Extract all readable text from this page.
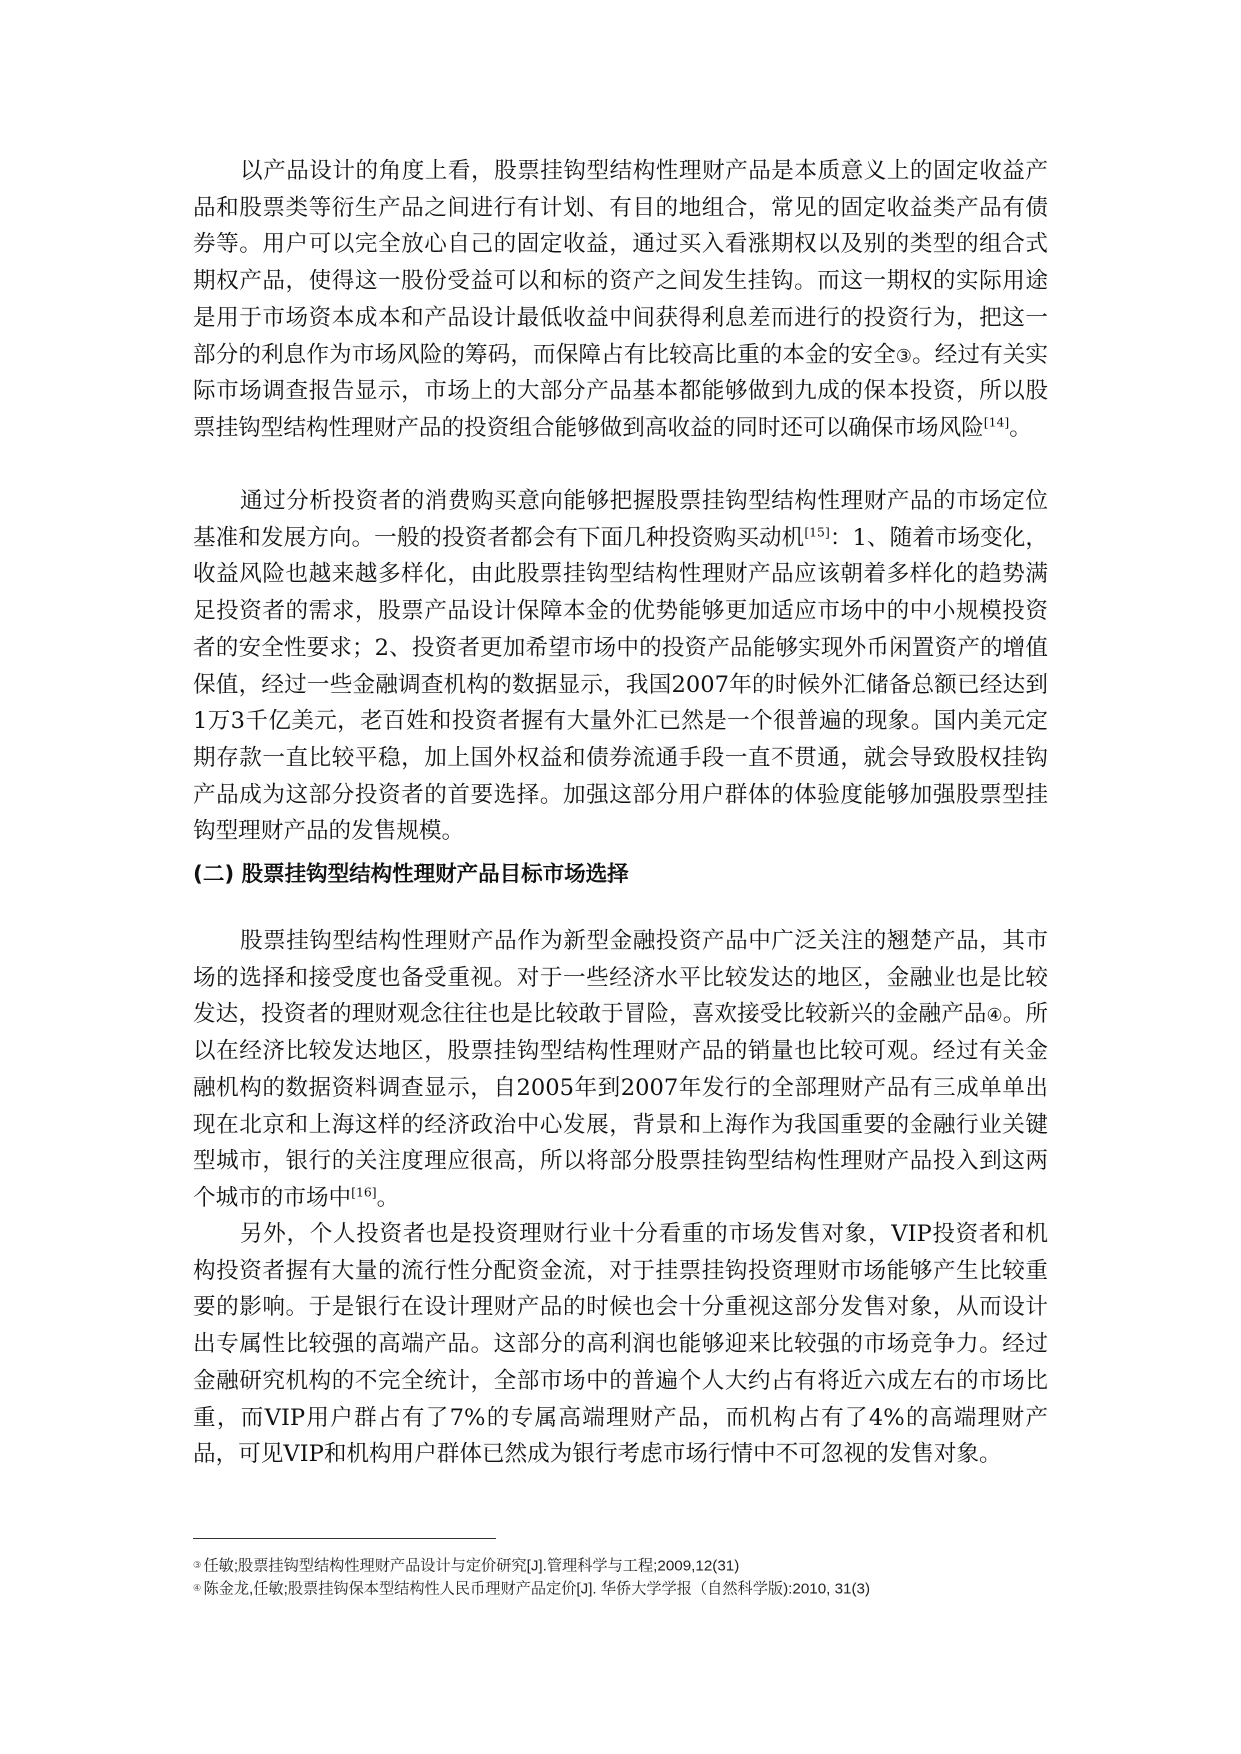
以产品设计的角度上看，股票挂钩型结构性理财产品是本质意义上的固定收益产品和股票类等衍生产品之间进行有计划、有目的地组合，常见的固定收益类产品有债券等。用户可以完全放心自己的固定收益，通过买入看涨期权以及别的类型的组合式期权产品，使得这一股份受益可以和标的资产之间发生挂钩。而这一期权的实际用途是用于市场资本成本和产品设计最低收益中间获得利息差而进行的投资行为，把这一部分的利息作为市场风险的筹码，而保障占有比较高比重的本金的安全③。经过有关实际市场调查报告显示，市场上的大部分产品基本都能够做到九成的保本投资，所以股票挂钩型结构性理财产品的投资组合能够做到高收益的同时还可以确保市场风险[14]。

通过分析投资者的消费购买意向能够把握股票挂钩型结构性理财产品的市场定位基准和发展方向。一般的投资者都会有下面几种投资购买动机[15]：1、随着市场变化，收益风险也越来越多样化，由此股票挂钩型结构性理财产品应该朝着多样化的趋势满足投资者的需求，股票产品设计保障本金的优势能够更加适应市场中的中小规模投资者的安全性要求；2、投资者更加希望市场中的投资产品能够实现外币闲置资产的增值保值，经过一些金融调查机构的数据显示，我国2007年的时候外汇储备总额已经达到1万3千亿美元，老百姓和投资者握有大量外汇已然是一个很普遍的现象。国内美元定期存款一直比较平稳，加上国外权益和债券流通手段一直不贯通，就会导致股权挂钩产品成为这部分投资者的首要选择。加强这部分用户群体的体验度能够加强股票型挂钩型理财产品的发售规模。

(二) 股票挂钩型结构性理财产品目标市场选择

股票挂钩型结构性理财产品作为新型金融投资产品中广泛关注的翘楚产品，其市场的选择和接受度也备受重视。对于一些经济水平比较发达的地区，金融业也是比较发达，投资者的理财观念往往也是比较敢于冒险，喜欢接受比较新兴的金融产品④。所以在经济比较发达地区，股票挂钩型结构性理财产品的销量也比较可观。经过有关金融机构的数据资料调查显示，自2005年到2007年发行的全部理财产品有三成单单出现在北京和上海这样的经济政治中心发展，背景和上海作为我国重要的金融行业关键型城市，银行的关注度理应很高，所以将部分股票挂钩型结构性理财产品投入到这两个城市的市场中[16]。

另外，个人投资者也是投资理财行业十分看重的市场发售对象，VIP投资者和机构投资者握有大量的流行性分配资金流，对于挂票挂钩投资理财市场能够产生比较重要的影响。于是银行在设计理财产品的时候也会十分重视这部分发售对象，从而设计出专属性比较强的高端产品。这部分的高利润也能够迎来比较强的市场竞争力。经过金融研究机构的不完全统计，全部市场中的普遍个人大约占有将近六成左右的市场比重，而VIP用户群占有了7%的专属高端理财产品，而机构占有了4%的高端理财产品，可见VIP和机构用户群体已然成为银行考虑市场行情中不可忽视的发售对象。

③ 任敏;股票挂钩型结构性理财产品设计与定价研究[J].管理科学与工程;2009,12(31)

④ 陈金龙,任敏;股票挂钩保本型结构性人民币理财产品定价[J]. 华侨大学学报（自然科学版):2010, 31(3)
